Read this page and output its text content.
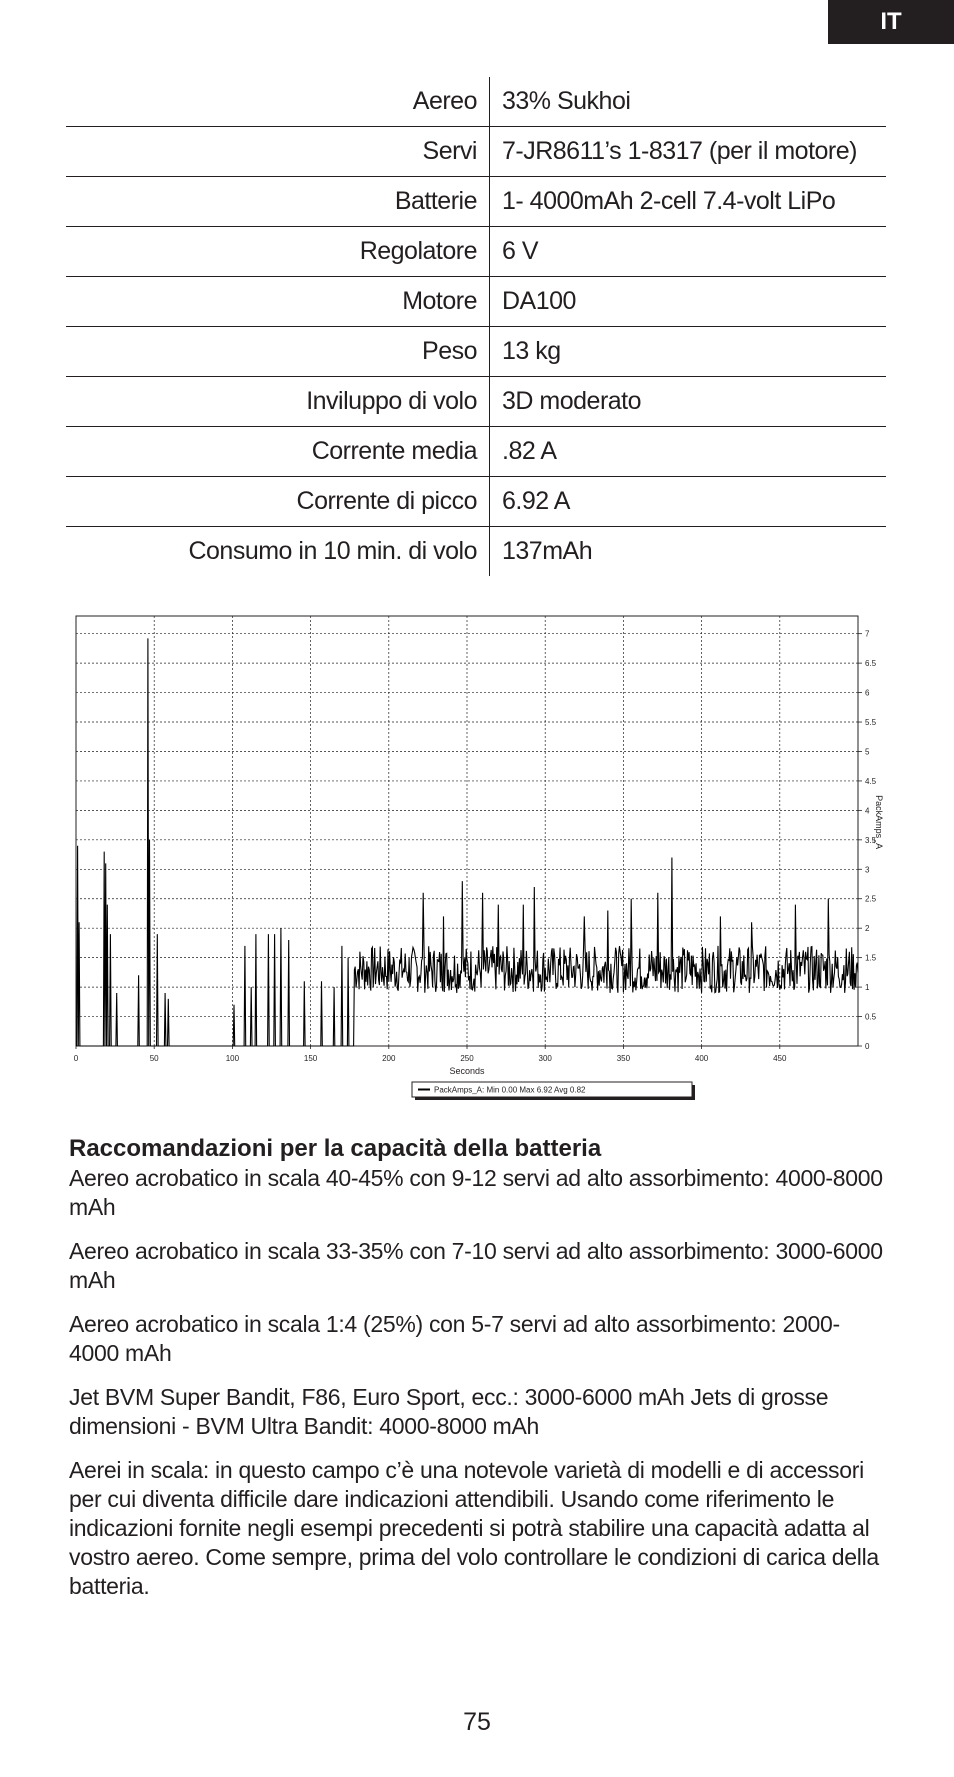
IT
Aereo	33% Sukhoi
Servi	7-JR8611’s 1-8317 (per il motore)
Batterie	1- 4000mAh 2-cell 7.4-volt LiPo
Regolatore	6 V
Motore	DA100
Peso	13 kg
Inviluppo di volo	3D moderato
Corrente media	.82 A
Corrente di picco	6.92 A
Consumo in 10 min. di volo	137mAh
0	50	100	150	200	250	300	350	400	450
0
0.5
1
1.5
2
2.5
3
3.5
4
4.5
5
5.5
6
6.5
7
Seconds
PackAmps_A
PackAmps_A: Min 0.00 Max 6.92 Avg 0.82
Raccomandazioni per la capacità della batteria

Aereo acrobatico in scala 40-45% con 9-12 servi ad alto assorbimento: 4000-8000 mAh

Aereo acrobatico in scala 33-35% con 7-10 servi ad alto assorbimento: 3000-6000 mAh

Aereo acrobatico in scala 1:4 (25%) con 5-7 servi ad alto assorbimento: 2000-4000 mAh

Jet BVM Super Bandit, F86, Euro Sport, ecc.: 3000-6000 mAh Jets di grosse dimensioni - BVM Ultra Bandit: 4000-8000 mAh

Aerei in scala: in questo campo c’è una notevole varietà di modelli e di accessori per cui diventa difficile dare indicazioni attendibili. Usando come riferimento le indicazioni fornite negli esempi precedenti si potrà stabilire una capacità adatta al vostro aereo. Come sempre, prima del volo controllare le condizioni di carica della batteria.

75
